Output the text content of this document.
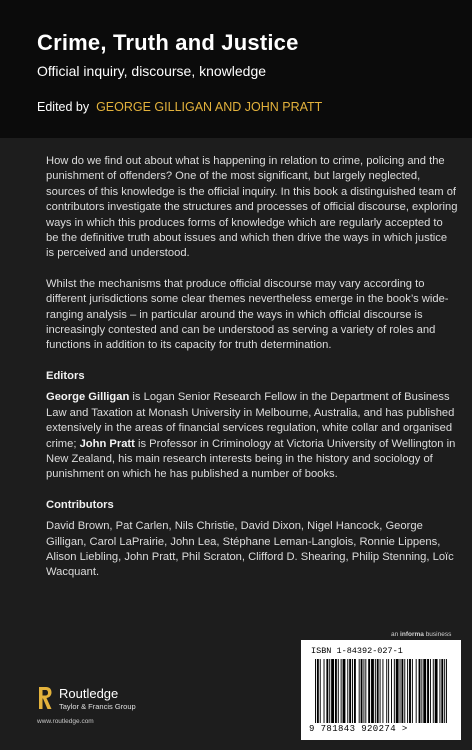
Crime, Truth and Justice
Official inquiry, discourse, knowledge
Edited by GEORGE GILLIGAN AND JOHN PRATT

How do we find out about what is happening in relation to crime, policing and the punishment of offenders? One of the most significant, but largely neglected, sources of this knowledge is the official inquiry. In this book a distinguished team of contributors investigate the structures and processes of official discourse, exploring ways in which this produces forms of knowledge which are regularly accepted to be the definitive truth about issues and which then drive the ways in which justice is perceived and understood.

Whilst the mechanisms that produce official discourse may vary according to different jurisdictions some clear themes nevertheless emerge in the book’s wide-ranging analysis – in particular around the ways in which official discourse is increasingly contested and can be understood as serving a variety of roles and functions in addition to its capacity for truth determination.

Editors

George Gilligan is Logan Senior Research Fellow in the Department of Business Law and Taxation at Monash University in Melbourne, Australia, and has published extensively in the areas of financial services regulation, white collar and organised crime; John Pratt is Professor in Criminology at Victoria University of Wellington in New Zealand, his main research interests being in the history and sociology of punishment on which he has published a number of books.

Contributors

David Brown, Pat Carlen, Nils Christie, David Dixon, Nigel Hancock, George Gilligan, Carol LaPrairie, John Lea, Stéphane Leman-Langlois, Ronnie Lippens, Alison Liebling, John Pratt, Phil Scraton, Clifford D. Shearing, Philip Stenning, Loïc Wacquant.

an informa business
ISBN 1-84392-027-1
9 781843 920274 >
Routledge
Taylor & Francis Group
www.routledge.com
